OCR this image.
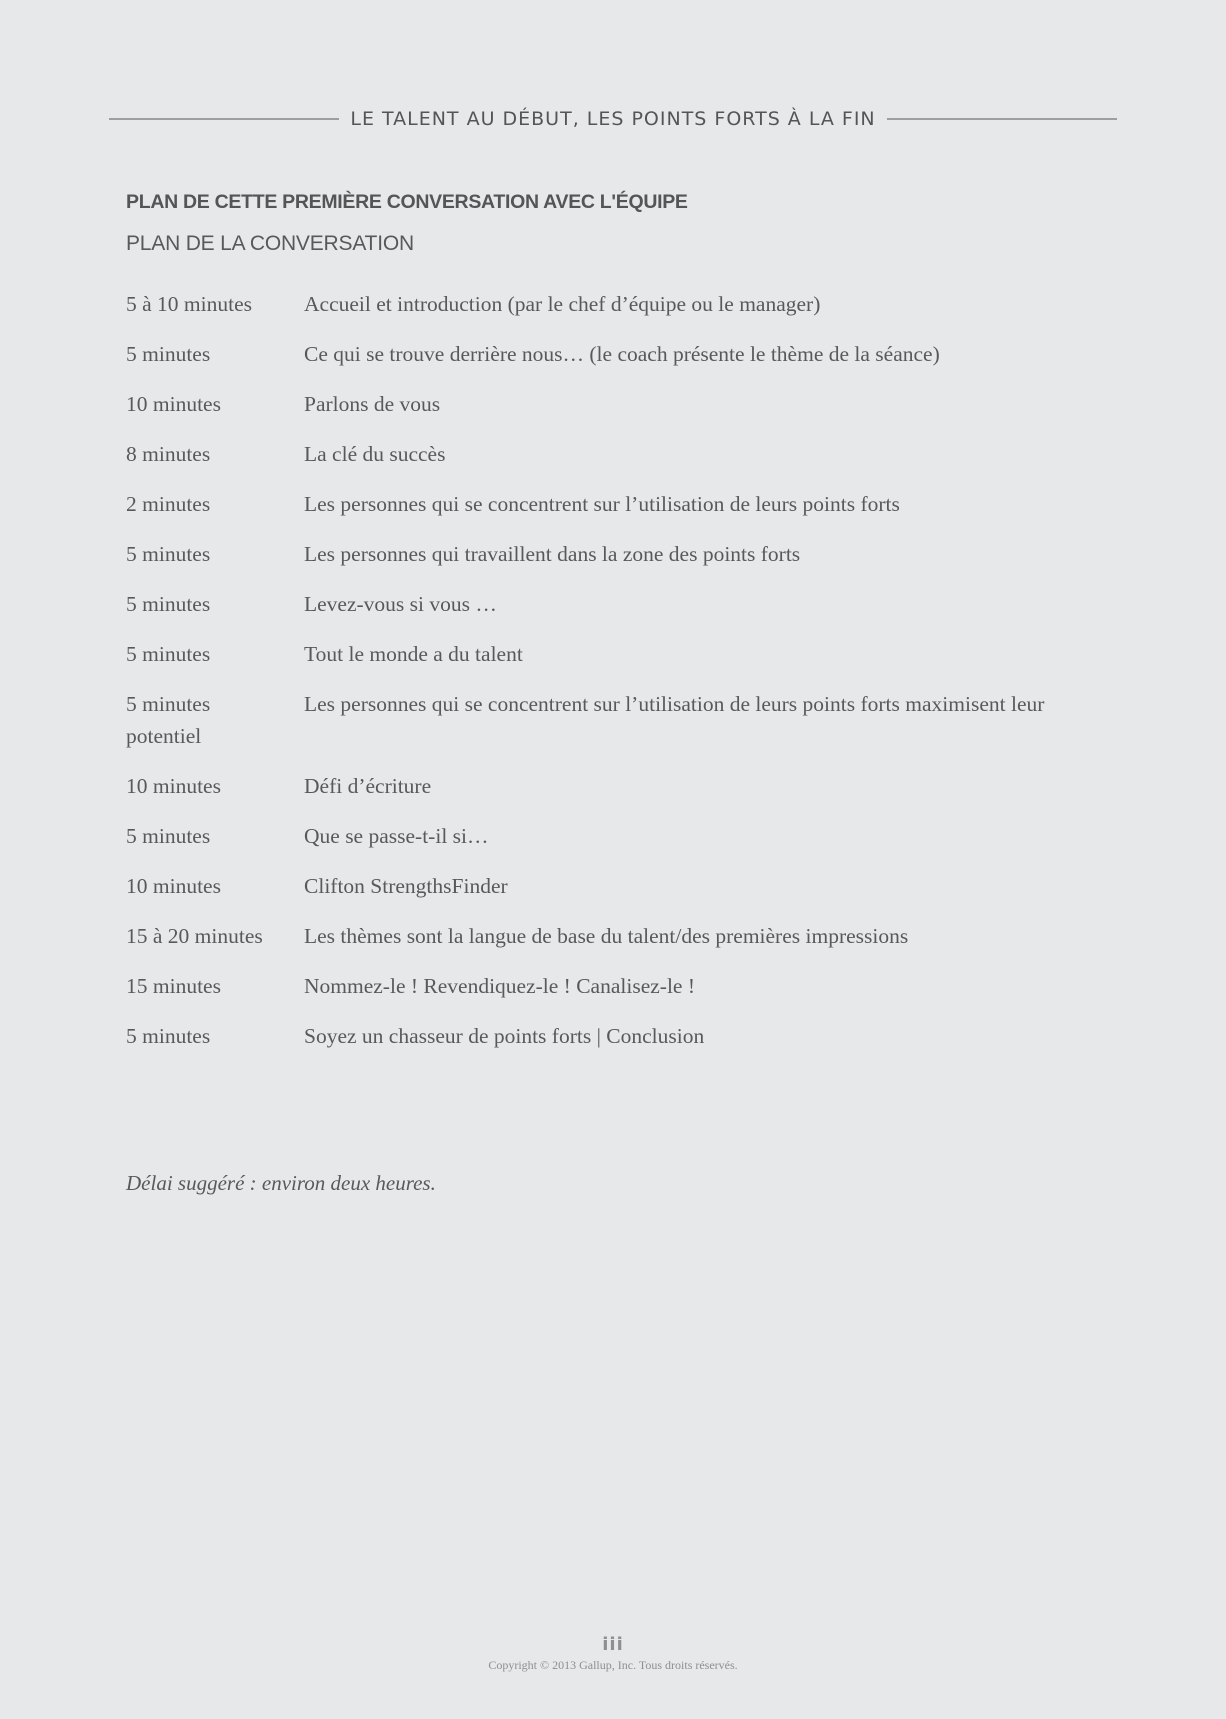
LE TALENT AU DÉBUT, LES POINTS FORTS À LA FIN
PLAN DE CETTE PREMIÈRE CONVERSATION AVEC L'ÉQUIPE
PLAN DE LA CONVERSATION
5 à 10 minutes Accueil et introduction (par le chef d’équipe ou le manager)
5 minutes	Ce qui se trouve derrière nous… (le coach présente le thème de la séance)
10 minutes	Parlons de vous
8 minutes	La clé du succès
2 minutes	Les personnes qui se concentrent sur l’utilisation de leurs points forts
5 minutes	Les personnes qui travaillent dans la zone des points forts
5 minutes	Levez-vous si vous …
5 minutes	Tout le monde a du talent
5 minutes	Les personnes qui se concentrent sur l’utilisation de leurs points forts maximisent leur potentiel
10 minutes	Défi d’écriture
5 minutes	Que se passe-t-il si…
10 minutes	Clifton StrengthsFinder
15 à 20 minutes Les thèmes sont la langue de base du talent/des premières impressions
15 minutes	Nommez-le ! Revendiquez-le ! Canalisez-le !
5 minutes	Soyez un chasseur de points forts | Conclusion
Délai suggéré : environ deux heures.
iii
Copyright © 2013 Gallup, Inc. Tous droits réservés.
